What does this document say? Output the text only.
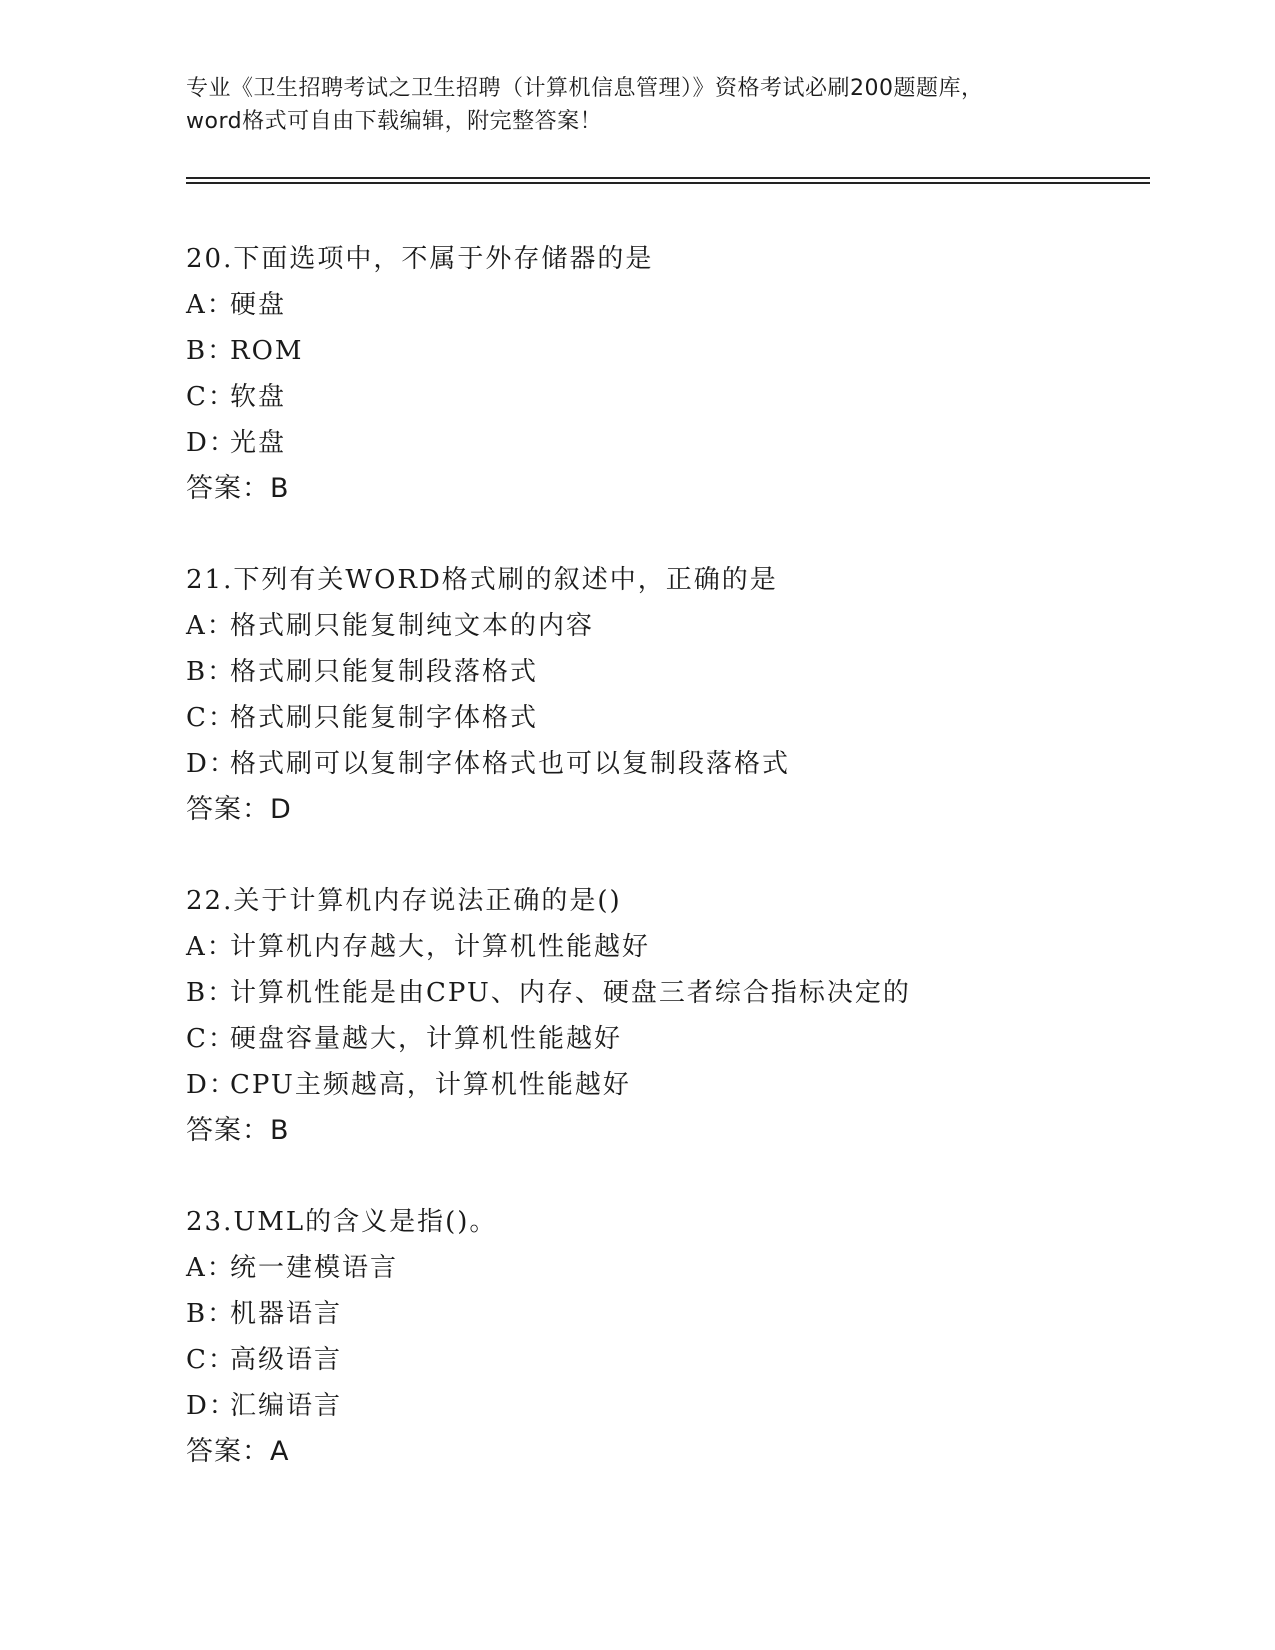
专业《卫生招聘考试之卫生招聘（计算机信息管理）》资格考试必刷200题题库，
word格式可自由下载编辑，附完整答案！
20.下面选项中，不属于外存储器的是
A：硬盘
B：ROM
C：软盘
D：光盘
答案：B
21.下列有关WORD格式刷的叙述中，正确的是
A：格式刷只能复制纯文本的内容
B：格式刷只能复制段落格式
C：格式刷只能复制字体格式
D：格式刷可以复制字体格式也可以复制段落格式
答案：D
22.关于计算机内存说法正确的是()
A：计算机内存越大，计算机性能越好
B：计算机性能是由CPU、内存、硬盘三者综合指标决定的
C：硬盘容量越大，计算机性能越好
D：CPU主频越高，计算机性能越好
答案：B
23.UML的含义是指()。
A：统一建模语言
B：机器语言
C：高级语言
D：汇编语言
答案：A
